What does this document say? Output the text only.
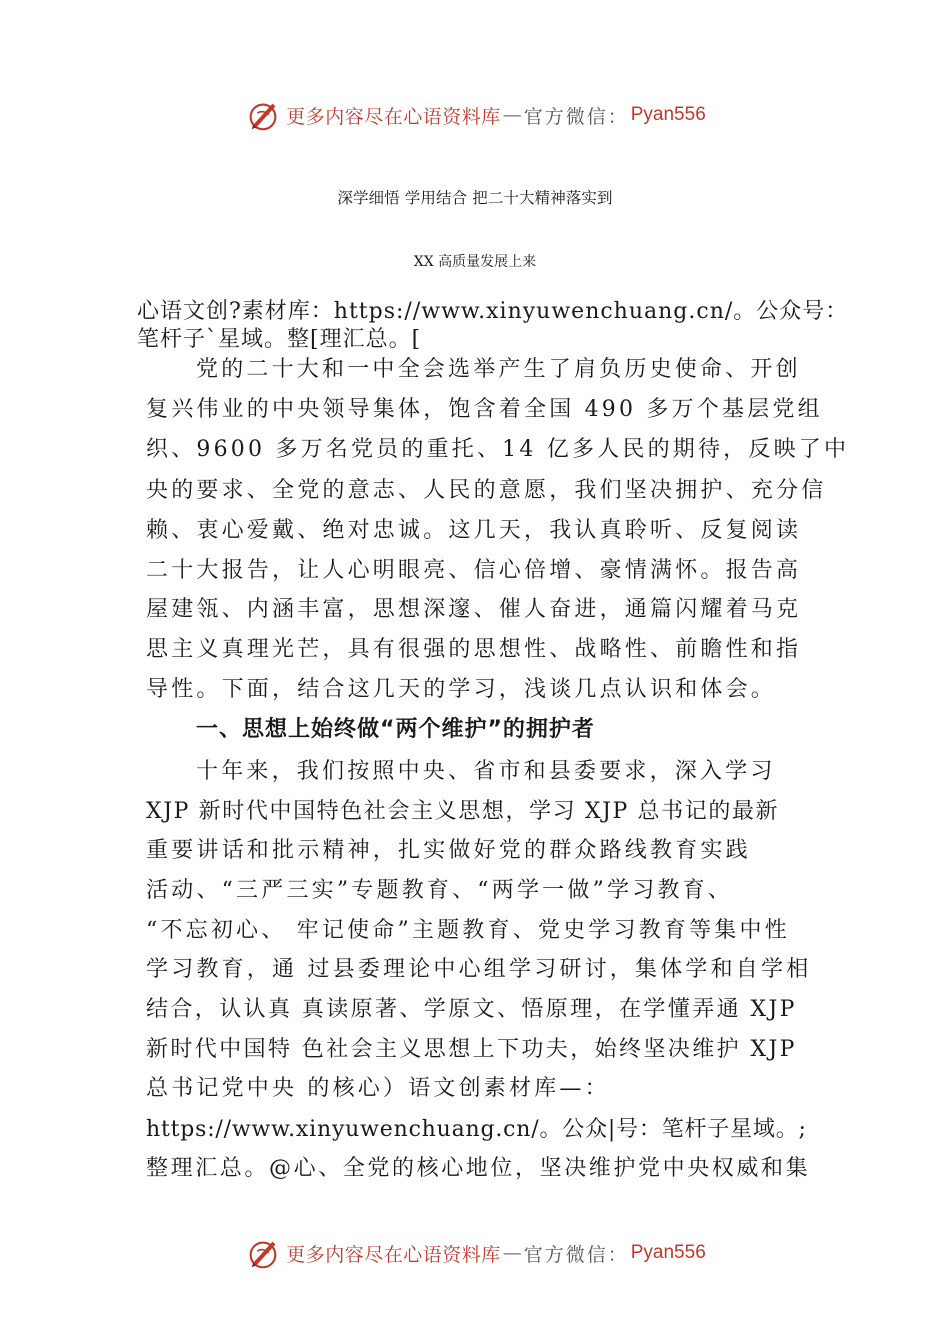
更多内容尽在心语资料库 — 官方微信： Pyan556
深学细悟 学用结合 把二十大精神落实到
XX 高质量发展上来
心语文创?素材库：https://www.xinyuwenchuang.cn/。公众号：
笔杆子`星域。整[理汇总。[
党的二十大和一中全会选举产生了肩负历史使命、开创
复兴伟业的中央领导集体，饱含着全国 490 多万个基层党组
织、9600 多万名党员的重托、14 亿多人民的期待，反映了中
央的要求、全党的意志、人民的意愿，我们坚决拥护、充分信
赖、衷心爱戴、绝对忠诚。这几天，我认真聆听、反复阅读
二十大报告，让人心明眼亮、信心倍增、豪情满怀。报告高
屋建瓴、内涵丰富，思想深邃、催人奋进，通篇闪耀着马克
思主义真理光芒，具有很强的思想性、战略性、前瞻性和指
导性。下面，结合这几天的学习，浅谈几点认识和体会。
一、思想上始终做“两个维护”的拥护者
十年来，我们按照中央、省市和县委要求，深入学习
XJP 新时代中国特色社会主义思想，学习 XJP 总书记的最新
重要讲话和批示精神，扎实做好党的群众路线教育实践
活动、“三严三实”专题教育、“两学一做”学习教育、
“不忘初心、 牢记使命”主题教育、党史学习教育等集中性
学习教育，通 过县委理论中心组学习研讨，集体学和自学相
结合，认认真 真读原著、学原文、悟原理，在学懂弄通 XJP
新时代中国特 色社会主义思想上下功夫，始终坚决维护 XJP
总书记党中央 的核心）语文创素材库—：
https://www.xinyuwenchuang.cn/。公众|号：笔杆子星域。;
整理汇总。@心、全党的核心地位，坚决维护党中央权威和集
更多内容尽在心语资料库 — 官方微信： Pyan556
